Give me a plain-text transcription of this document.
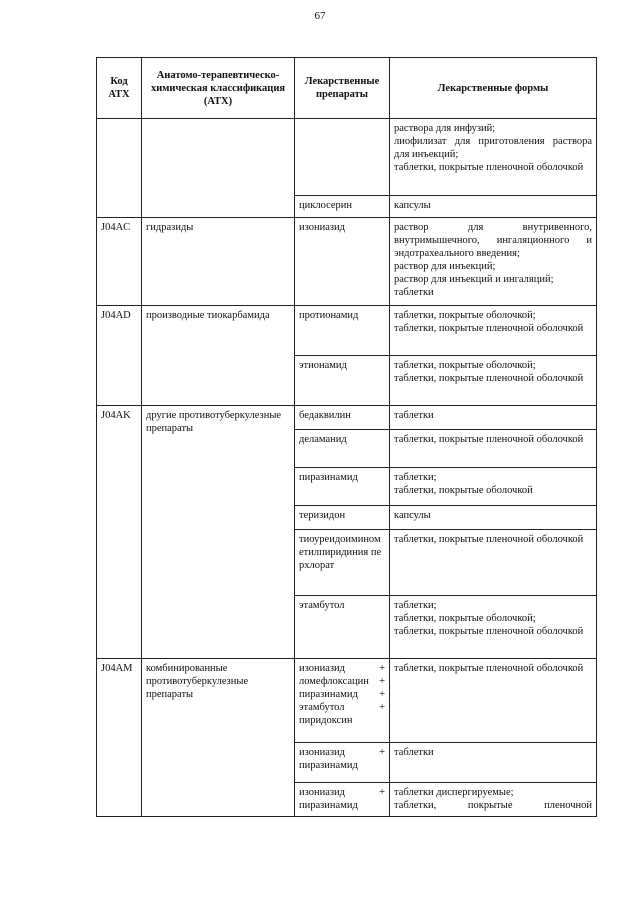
67
Код АТХ	Анатомо-терапевтическо-химическая классификация (АТХ)	Лекарственные препараты	Лекарственные формы

			раствора для инфузий;
лиофилизат для приготовления раствора для инъекций;
таблетки, покрытые пленочной оболочкой

		циклосерин	капсулы

J04AC	гидразиды	изониазид	раствор для внутривенного, внутримышечного, ингаляционного и эндотрахеального введения;
раствор для инъекций;
раствор для инъекций и ингаляций;
таблетки

J04AD	производные тиокарбамида	протионамид	таблетки, покрытые оболочкой;
таблетки, покрытые пленочной оболочкой

		этионамид	таблетки, покрытые оболочкой;
таблетки, покрытые пленочной оболочкой

J04AK	другие противотуберкулезные препараты	бедаквилин	таблетки

		деламанид	таблетки, покрытые пленочной оболочкой

		пиразинамид	таблетки;
таблетки, покрытые оболочкой

		теризидон	капсулы

		тиоуреидоиминометилпиридиния перхлорат	таблетки, покрытые пленочной оболочкой

		этамбутол	таблетки;
таблетки, покрытые оболочкой;
таблетки, покрытые пленочной оболочкой

J04AM	комбинированные противотуберкулезные препараты	изониазид + ломефлоксацин + пиразинамид + этамбутол + пиридоксин	таблетки, покрытые пленочной оболочкой

		изониазид + пиразинамид	таблетки

		изониазид + пиразинамид	таблетки диспергируемые;
таблетки, покрытые пленочной
